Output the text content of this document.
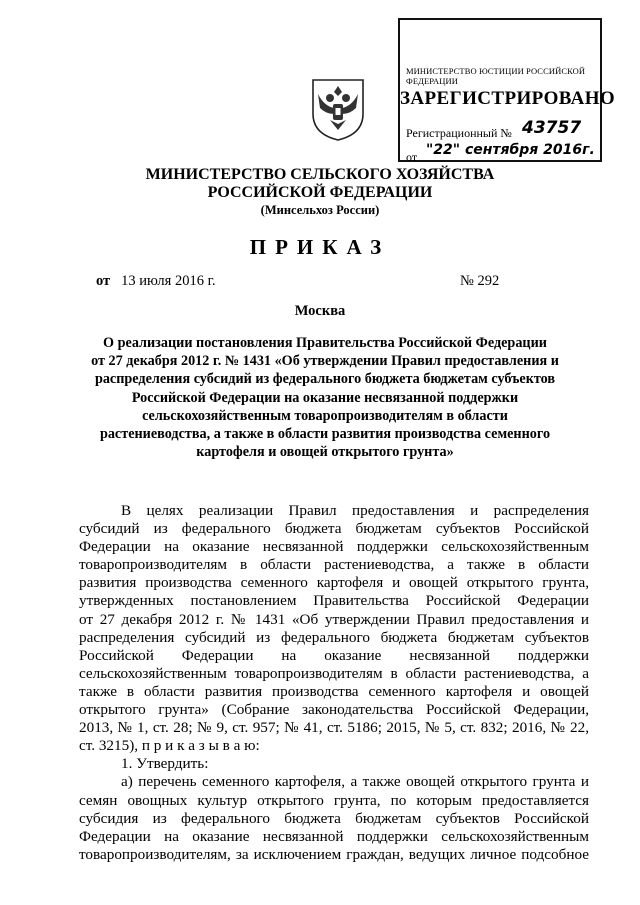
МИНИСТЕРСТВО ЮСТИЦИИ РОССИЙСКОЙ ФЕДЕРАЦИИ
ЗАРЕГИСТРИРОВАНО
Регистрационный № 43757
от "22" сентября 2016г.
МИНИСТЕРСТВО СЕЛЬСКОГО ХОЗЯЙСТВА
РОССИЙСКОЙ ФЕДЕРАЦИИ
(Минсельхоз России)
ПРИКАЗ
от 13 июля 2016 г.	№ 292
Москва
О реализации постановления Правительства Российской Федерации
от 27 декабря 2012 г. № 1431 «Об утверждении Правил предоставления и
распределения субсидий из федерального бюджета бюджетам субъектов
Российской Федерации на оказание несвязанной поддержки
сельскохозяйственным товаропроизводителям в области
растениеводства, а также в области развития производства семенного
картофеля и овощей открытого грунта»

В целях реализации Правил предоставления и распределения

субсидий из федерального бюджета бюджетам субъектов Российской

Федерации на оказание несвязанной поддержки сельскохозяйственным

товаропроизводителям в области растениеводства, а также в области

развития производства семенного картофеля и овощей открытого грунта,

утвержденных постановлением Правительства Российской Федерации

от 27 декабря 2012 г. № 1431 «Об утверждении Правил предоставления и

распределения субсидий из федерального бюджета бюджетам субъектов

Российской Федерации на оказание несвязанной поддержки

сельскохозяйственным товаропроизводителям в области растениеводства, а

также в области развития производства семенного картофеля и овощей

открытого грунта» (Собрание законодательства Российской Федерации,

2013, № 1, ст. 28; № 9, ст. 957; № 41, ст. 5186; 2015, № 5, ст. 832; 2016, № 22,

ст. 3215), п р и к а з ы в а ю:

1. Утвердить:

а) перечень семенного картофеля, а также овощей открытого грунта и

семян овощных культур открытого грунта, по которым предоставляется

субсидия из федерального бюджета бюджетам субъектов Российской

Федерации на оказание несвязанной поддержки сельскохозяйственным

товаропроизводителям, за исключением граждан, ведущих личное подсобное
